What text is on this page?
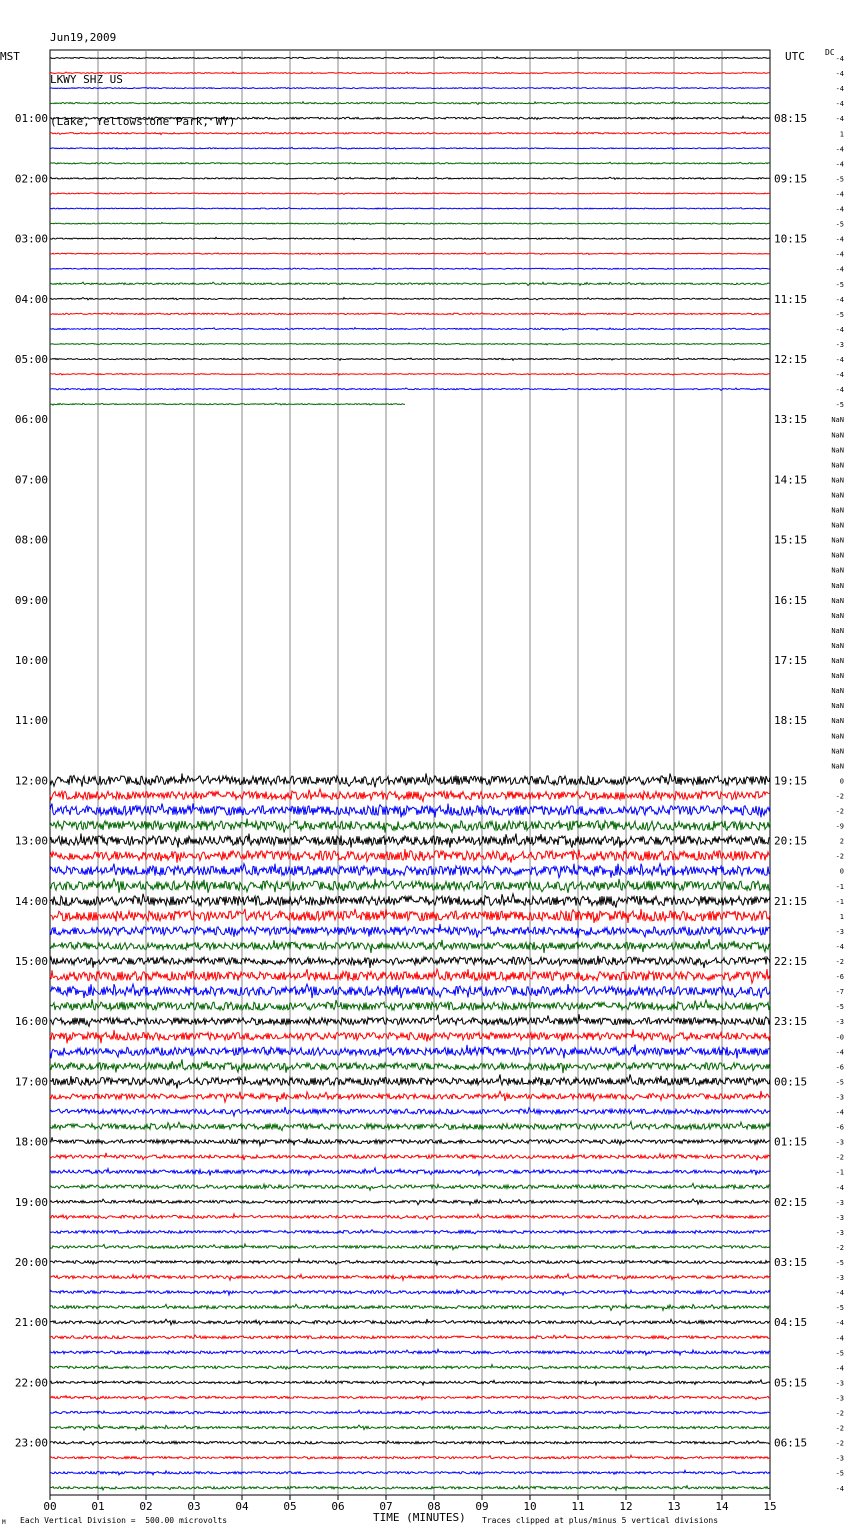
Jun19,2009

LKWY SHZ US

(Lake, Yellowstone Park, WY)

MST	UTC	DC
00	01	02	03	04	05	06	07	08	09	10	11	12	13	14	15
-4
-4
-4
-4
01:00	08:15	-4
1
-4
-4
02:00	09:15	-5
-4
-4
-5
03:00	10:15	-4
-4
-4
-5
04:00	11:15	-4
-5
-4
-3
05:00	12:15	-4
-4
-4
-5
06:00	13:15	NaN
NaN
NaN
NaN
07:00	14:15	NaN
NaN
NaN
NaN
08:00	15:15	NaN
NaN
NaN
NaN
09:00	16:15	NaN
NaN
NaN
NaN
10:00	17:15	NaN
NaN
NaN
NaN
11:00	18:15	NaN
NaN
NaN
NaN
12:00	19:15	0
-2
-2
-9
13:00	20:15	2
-2
0
-1
14:00	21:15	-1
1
-3
-4
15:00	22:15	-2
-6
-7
-5
16:00	23:15	-3
-0
-4
-6
17:00	00:15	-5
-3
-4
-6
18:00	01:15	-3
-2
-1
-4
19:00	02:15	-3
-3
-3
-2
20:00	03:15	-5
-3
-4
-5
21:00	04:15	-4
-4
-5
-4
22:00	05:15	-3
-3
-2
-2
23:00	06:15	-2
-3
-5
-4
TIME (MINUTES)
M Each Vertical Division =  500.00 microvolts	Traces clipped at plus/minus 5 vertical divisions
